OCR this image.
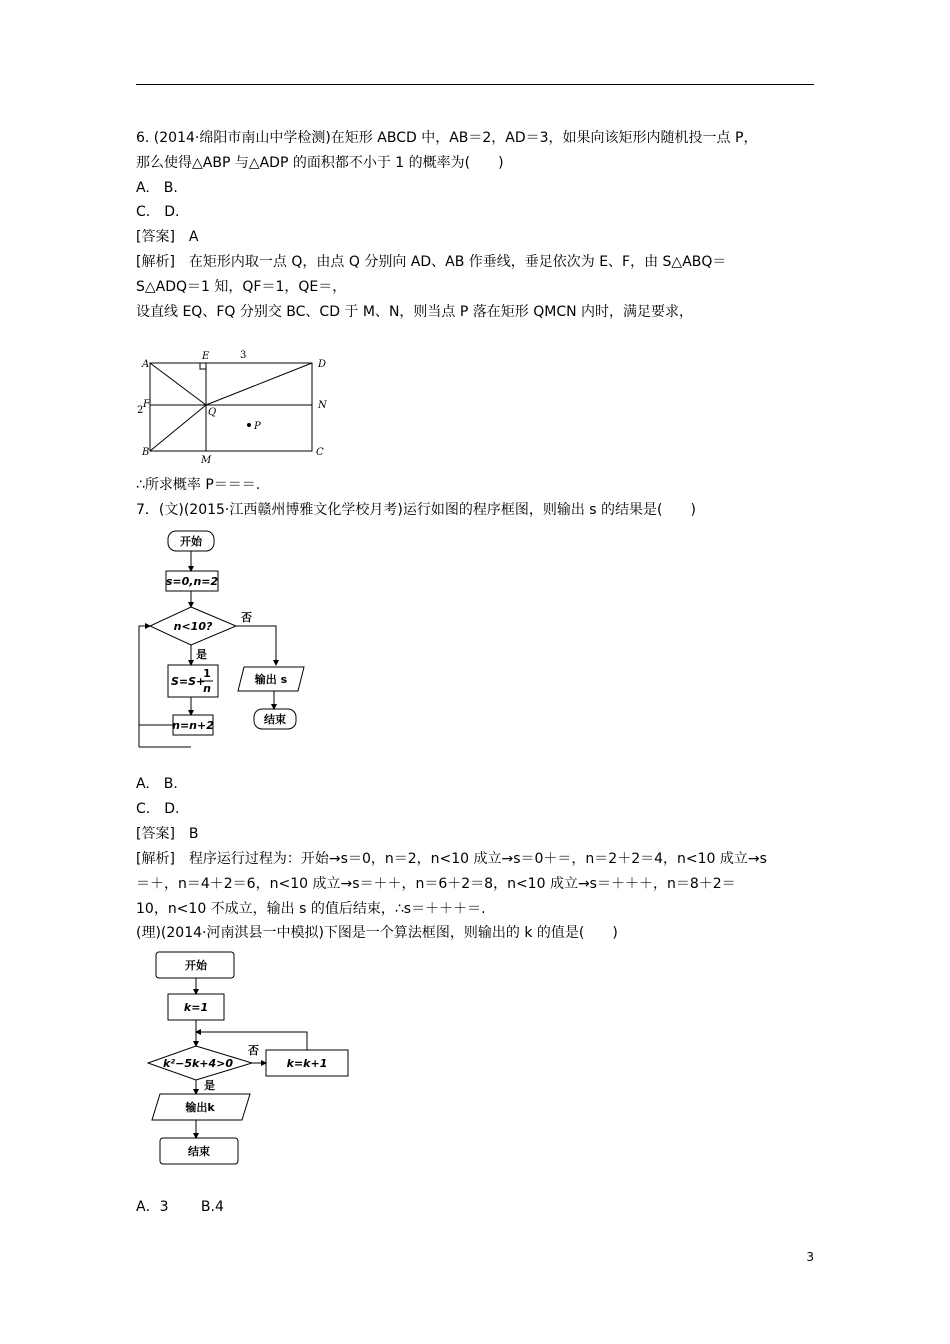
6. (2014·绵阳市南山中学检测)在矩形 ABCD 中，AB＝2，AD＝3，如果向该矩形内随机投一点 P，
那么使得△ABP 与△ADP 的面积都不小于 1 的概率为(　　)
A.　B.
C.　D.
[答案]　A
[解析]　在矩形内取一点 Q，由点 Q 分别向 AD、AB 作垂线，垂足依次为 E、F，由 S△ABQ＝
S△ADQ＝1 知，QF＝1，QE＝，
设直线 EQ、FQ 分别交 BC、CD 于 M、N，则当点 P 落在矩形 QMCN 内时，满足要求，
A
E
D
F
Q
N
B
M
C
P
3
2
∴所求概率 P＝＝＝.
7．(文)(2015·江西赣州博雅文化学校月考)运行如图的程序框图，则输出 s 的结果是(　　)
开始
s=0,n=2
n<10?
否
是
S=S+
1
n
n=n+2
输出 s
结束
A.　B.
C.　D.
[答案]　B
[解析]　程序运行过程为：开始→s＝0，n＝2，n<10 成立→s＝0＋＝，n＝2＋2＝4，n<10 成立→s
＝＋，n＝4＋2＝6，n<10 成立→s＝＋＋，n＝6＋2＝8，n<10 成立→s＝＋＋＋，n＝8＋2＝
10，n<10 不成立，输出 s 的值后结束，∴s＝＋＋＋＝.
(理)(2014·河南淇县一中模拟)下图是一个算法框图，则输出的 k 的值是(　　)
开始
k=1
k²−5k+4>0
否
是
k=k+1
输出k
结束
A．3　　 B.4
3
